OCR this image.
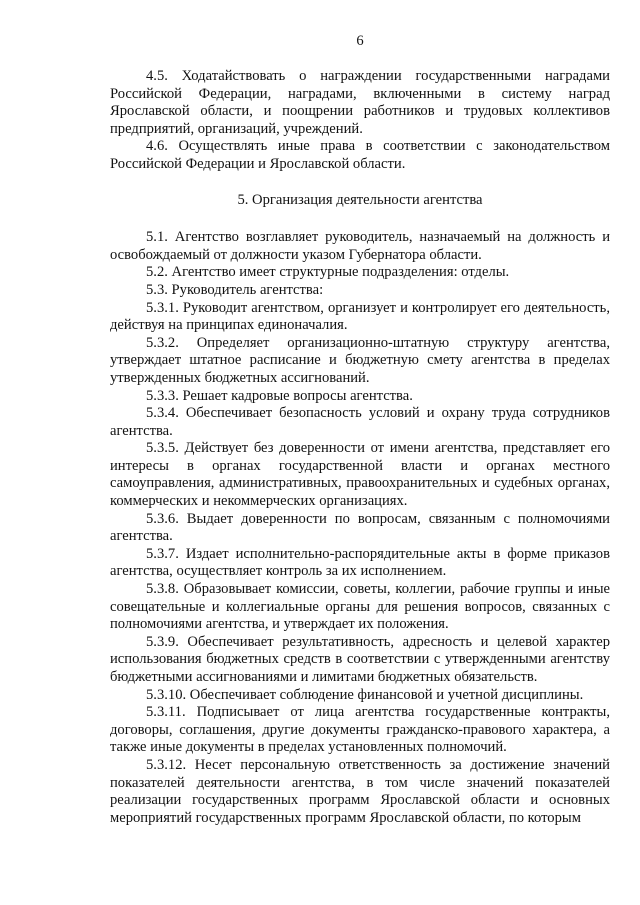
6

4.5. Ходатайствовать о награждении государственными наградами Российской Федерации, наградами, включенными в систему наград Ярославской области, и поощрении работников и трудовых коллективов предприятий, организаций, учреждений.

4.6. Осуществлять иные права в соответствии с законодательством Российской Федерации и Ярославской области.

5. Организация деятельности агентства

5.1. Агентство возглавляет руководитель, назначаемый на должность и освобождаемый от должности указом Губернатора области.

5.2. Агентство имеет структурные подразделения: отделы.

5.3. Руководитель агентства:

5.3.1. Руководит агентством, организует и контролирует его деятельность, действуя на принципах единоначалия.

5.3.2. Определяет организационно-штатную структуру агентства, утверждает штатное расписание и бюджетную смету агентства в пределах утвержденных бюджетных ассигнований.

5.3.3. Решает кадровые вопросы агентства.

5.3.4. Обеспечивает безопасность условий и охрану труда сотрудников агентства.

5.3.5. Действует без доверенности от имени агентства, представляет его интересы в органах государственной власти и органах местного самоуправления, административных, правоохранительных и судебных органах, коммерческих и некоммерческих организациях.

5.3.6. Выдает доверенности по вопросам, связанным с полномочиями агентства.

5.3.7. Издает исполнительно-распорядительные акты в форме приказов агентства, осуществляет контроль за их исполнением.

5.3.8. Образовывает комиссии, советы, коллегии, рабочие группы и иные совещательные и коллегиальные органы для решения вопросов, связанных с полномочиями агентства, и утверждает их положения.

5.3.9. Обеспечивает результативность, адресность и целевой характер использования бюджетных средств в соответствии с утвержденными агентству бюджетными ассигнованиями и лимитами бюджетных обязательств.

5.3.10. Обеспечивает соблюдение финансовой и учетной дисциплины.

5.3.11. Подписывает от лица агентства государственные контракты, договоры, соглашения, другие документы гражданско-правового характера, а также иные документы в пределах установленных полномочий.

5.3.12. Несет персональную ответственность за достижение значений показателей деятельности агентства, в том числе значений показателей реализации государственных программ Ярославской области и основных мероприятий государственных программ Ярославской области, по которым
